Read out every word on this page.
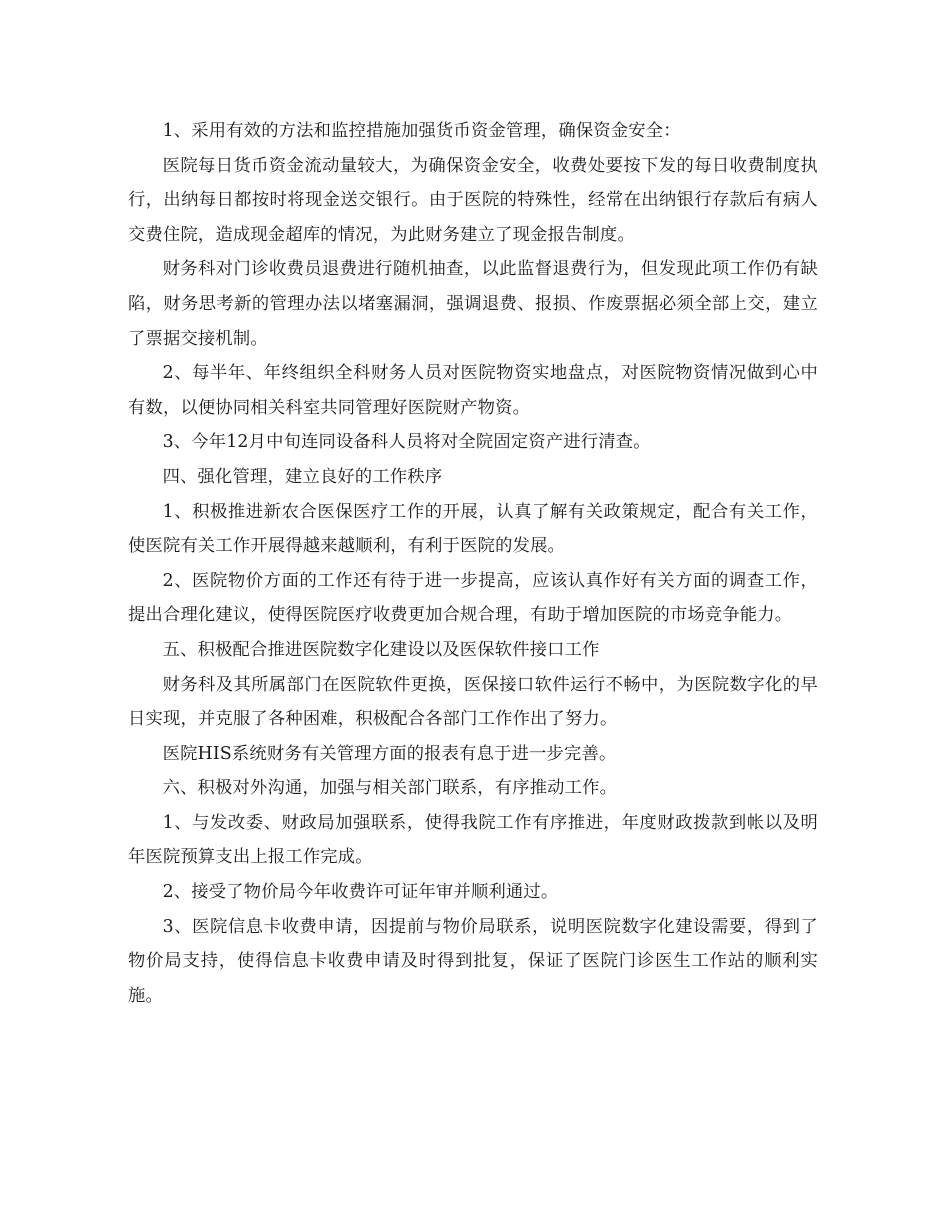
1、采用有效的方法和监控措施加强货币资金管理，确保资金安全：

医院每日货币资金流动量较大，为确保资金安全，收费处要按下发的每日收费制度执行，出纳每日都按时将现金送交银行。由于医院的特殊性，经常在出纳银行存款后有病人交费住院，造成现金超库的情况，为此财务建立了现金报告制度。

财务科对门诊收费员退费进行随机抽查，以此监督退费行为，但发现此项工作仍有缺陷，财务思考新的管理办法以堵塞漏洞，强调退费、报损、作废票据必须全部上交，建立了票据交接机制。

2、每半年、年终组织全科财务人员对医院物资实地盘点，对医院物资情况做到心中有数，以便协同相关科室共同管理好医院财产物资。

3、今年12月中旬连同设备科人员将对全院固定资产进行清查。

四、强化管理，建立良好的工作秩序

1、积极推进新农合医保医疗工作的开展，认真了解有关政策规定，配合有关工作，使医院有关工作开展得越来越顺利，有利于医院的发展。

2、医院物价方面的工作还有待于进一步提高，应该认真作好有关方面的调查工作，提出合理化建议，使得医院医疗收费更加合规合理，有助于增加医院的市场竞争能力。

五、积极配合推进医院数字化建设以及医保软件接口工作

财务科及其所属部门在医院软件更换，医保接口软件运行不畅中，为医院数字化的早日实现，并克服了各种困难，积极配合各部门工作作出了努力。

医院HIS系统财务有关管理方面的报表有息于进一步完善。

六、积极对外沟通，加强与相关部门联系，有序推动工作。

1、与发改委、财政局加强联系，使得我院工作有序推进，年度财政拨款到帐以及明年医院预算支出上报工作完成。

2、接受了物价局今年收费许可证年审并顺利通过。

3、医院信息卡收费申请，因提前与物价局联系，说明医院数字化建设需要，得到了物价局支持，使得信息卡收费申请及时得到批复，保证了医院门诊医生工作站的顺利实施。
